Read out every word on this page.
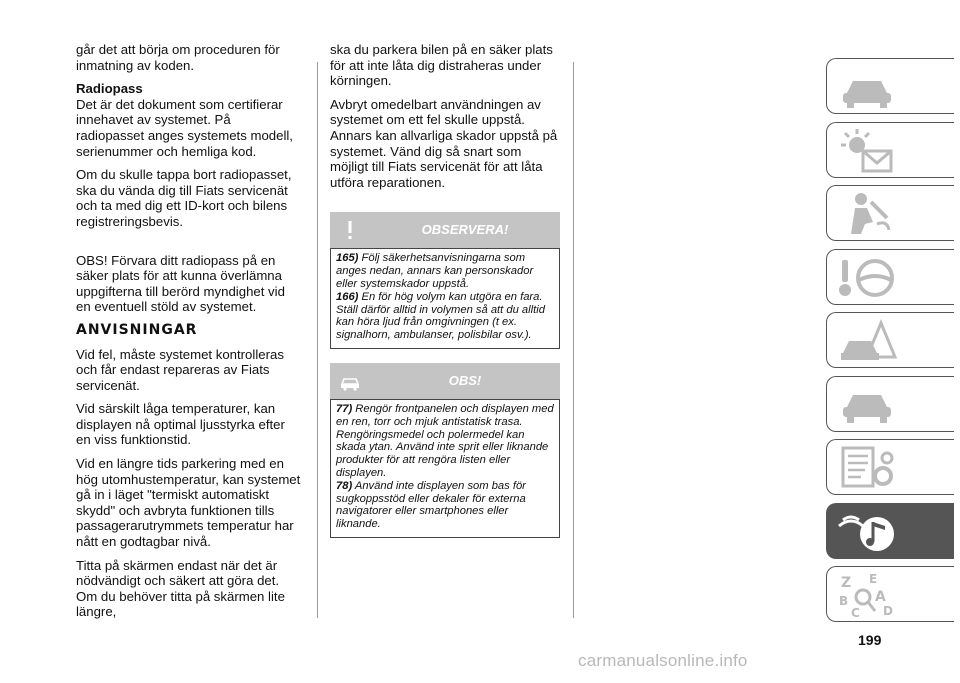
går det att börja om proceduren för inmatning av koden.

Radiopass

Det är det dokument som certifierar innehavet av systemet. På radiopasset anges systemets modell, serienummer och hemliga kod.

Om du skulle tappa bort radiopasset, ska du vända dig till Fiats servicenät och ta med dig ett ID-kort och bilens registreringsbevis.

OBS! Förvara ditt radiopass på en säker plats för att kunna överlämna uppgifterna till berörd myndighet vid en eventuell stöld av systemet.

ANVISNINGAR

Vid fel, måste systemet kontrolleras och får endast repareras av Fiats servicenät.

Vid särskilt låga temperaturer, kan displayen nå optimal ljusstyrka efter en viss funktionstid.

Vid en längre tids parkering med en hög utomhustemperatur, kan systemet gå in i läget "termiskt automatiskt skydd" och avbryta funktionen tills passagerarutrymmets temperatur har nått en godtagbar nivå.

Titta på skärmen endast när det är nödvändigt och säkert att göra det. Om du behöver titta på skärmen lite längre,

ska du parkera bilen på en säker plats för att inte låta dig distraheras under körningen.

Avbryt omedelbart användningen av systemet om ett fel skulle uppstå. Annars kan allvarliga skador uppstå på systemet. Vänd dig så snart som möjligt till Fiats servicenät för att låta utföra reparationen.

OBSERVERA!

165) Följ säkerhetsanvisningarna som anges nedan, annars kan personskador eller systemskador uppstå.

166) En för hög volym kan utgöra en fara. Ställ därför alltid in volymen så att du alltid kan höra ljud från omgivningen (t ex. signalhorn, ambulanser, polisbilar osv.).

OBS!

77) Rengör frontpanelen och displayen med en ren, torr och mjuk antistatisk trasa. Rengöringsmedel och polermedel kan skada ytan. Använd inte sprit eller liknande produkter för att rengöra listen eller displayen.

78) Använd inte displayen som bas för sugkoppsstöd eller dekaler för externa navigatorer eller smartphones eller liknande.

Z E
B A
C D
199
carmanualsonline.info
